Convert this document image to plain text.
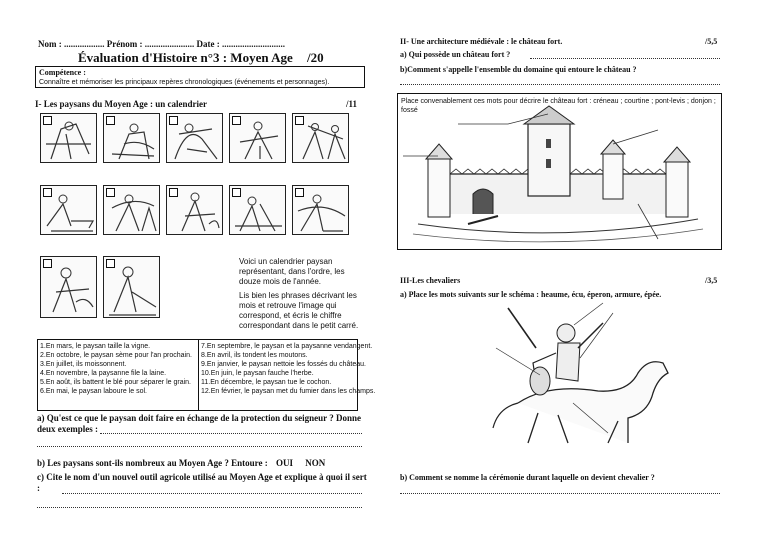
Nom : .................. Prénom : ...................... Date : ............................
Évaluation d'Histoire n°3 : Moyen Age /20
Compétence :
Connaître et mémoriser les principaux repères chronologiques (événements et personnages).
I- Les paysans du Moyen Age : un calendrier	/11
Voici un calendrier paysan représentant, dans l'ordre, les douze mois de l'année.
Lis bien les phrases décrivant les mois et retrouve l'image qui correspond, et écris le chiffre correspondant dans le petit carré.
1.En mars, le paysan taille la vigne.
2.En octobre, le paysan sème pour l'an prochain.
3.En juillet, ils moissonnent.
4.En novembre, la paysanne file la laine.
5.En août, ils battent le blé pour séparer le grain.
6.En mai, le paysan laboure le sol.
7.En septembre, le paysan et la paysanne vendangent.
8.En avril, ils tondent les moutons.
9.En janvier, le paysan nettoie les fossés du château.
10.En juin, le paysan fauche l'herbe.
11.En décembre, le paysan tue le cochon.
12.En février, le paysan met du fumier dans les champs.
a) Qu'est ce que le paysan doit faire en échange de la protection du seigneur ? Donne deux exemples :
b) Les paysans sont-ils nombreux au Moyen Age ? Entoure : OUI NON
c) Cite le nom d'un nouvel outil agricole utilisé au Moyen Age et explique à quoi il sert :
II- Une architecture médiévale : le château fort.	/5,5
a) Qui possède un château fort ?
b)Comment s'appelle l'ensemble du domaine qui entoure le château ?
Place convenablement ces mots pour décrire le château fort : créneau ; courtine ; pont-levis ; donjon ; fossé
III-Les chevaliers	/3,5
a) Place les mots suivants sur le schéma : heaume, écu, éperon, armure, épée.
b) Comment se nomme la cérémonie durant laquelle on devient chevalier ?
